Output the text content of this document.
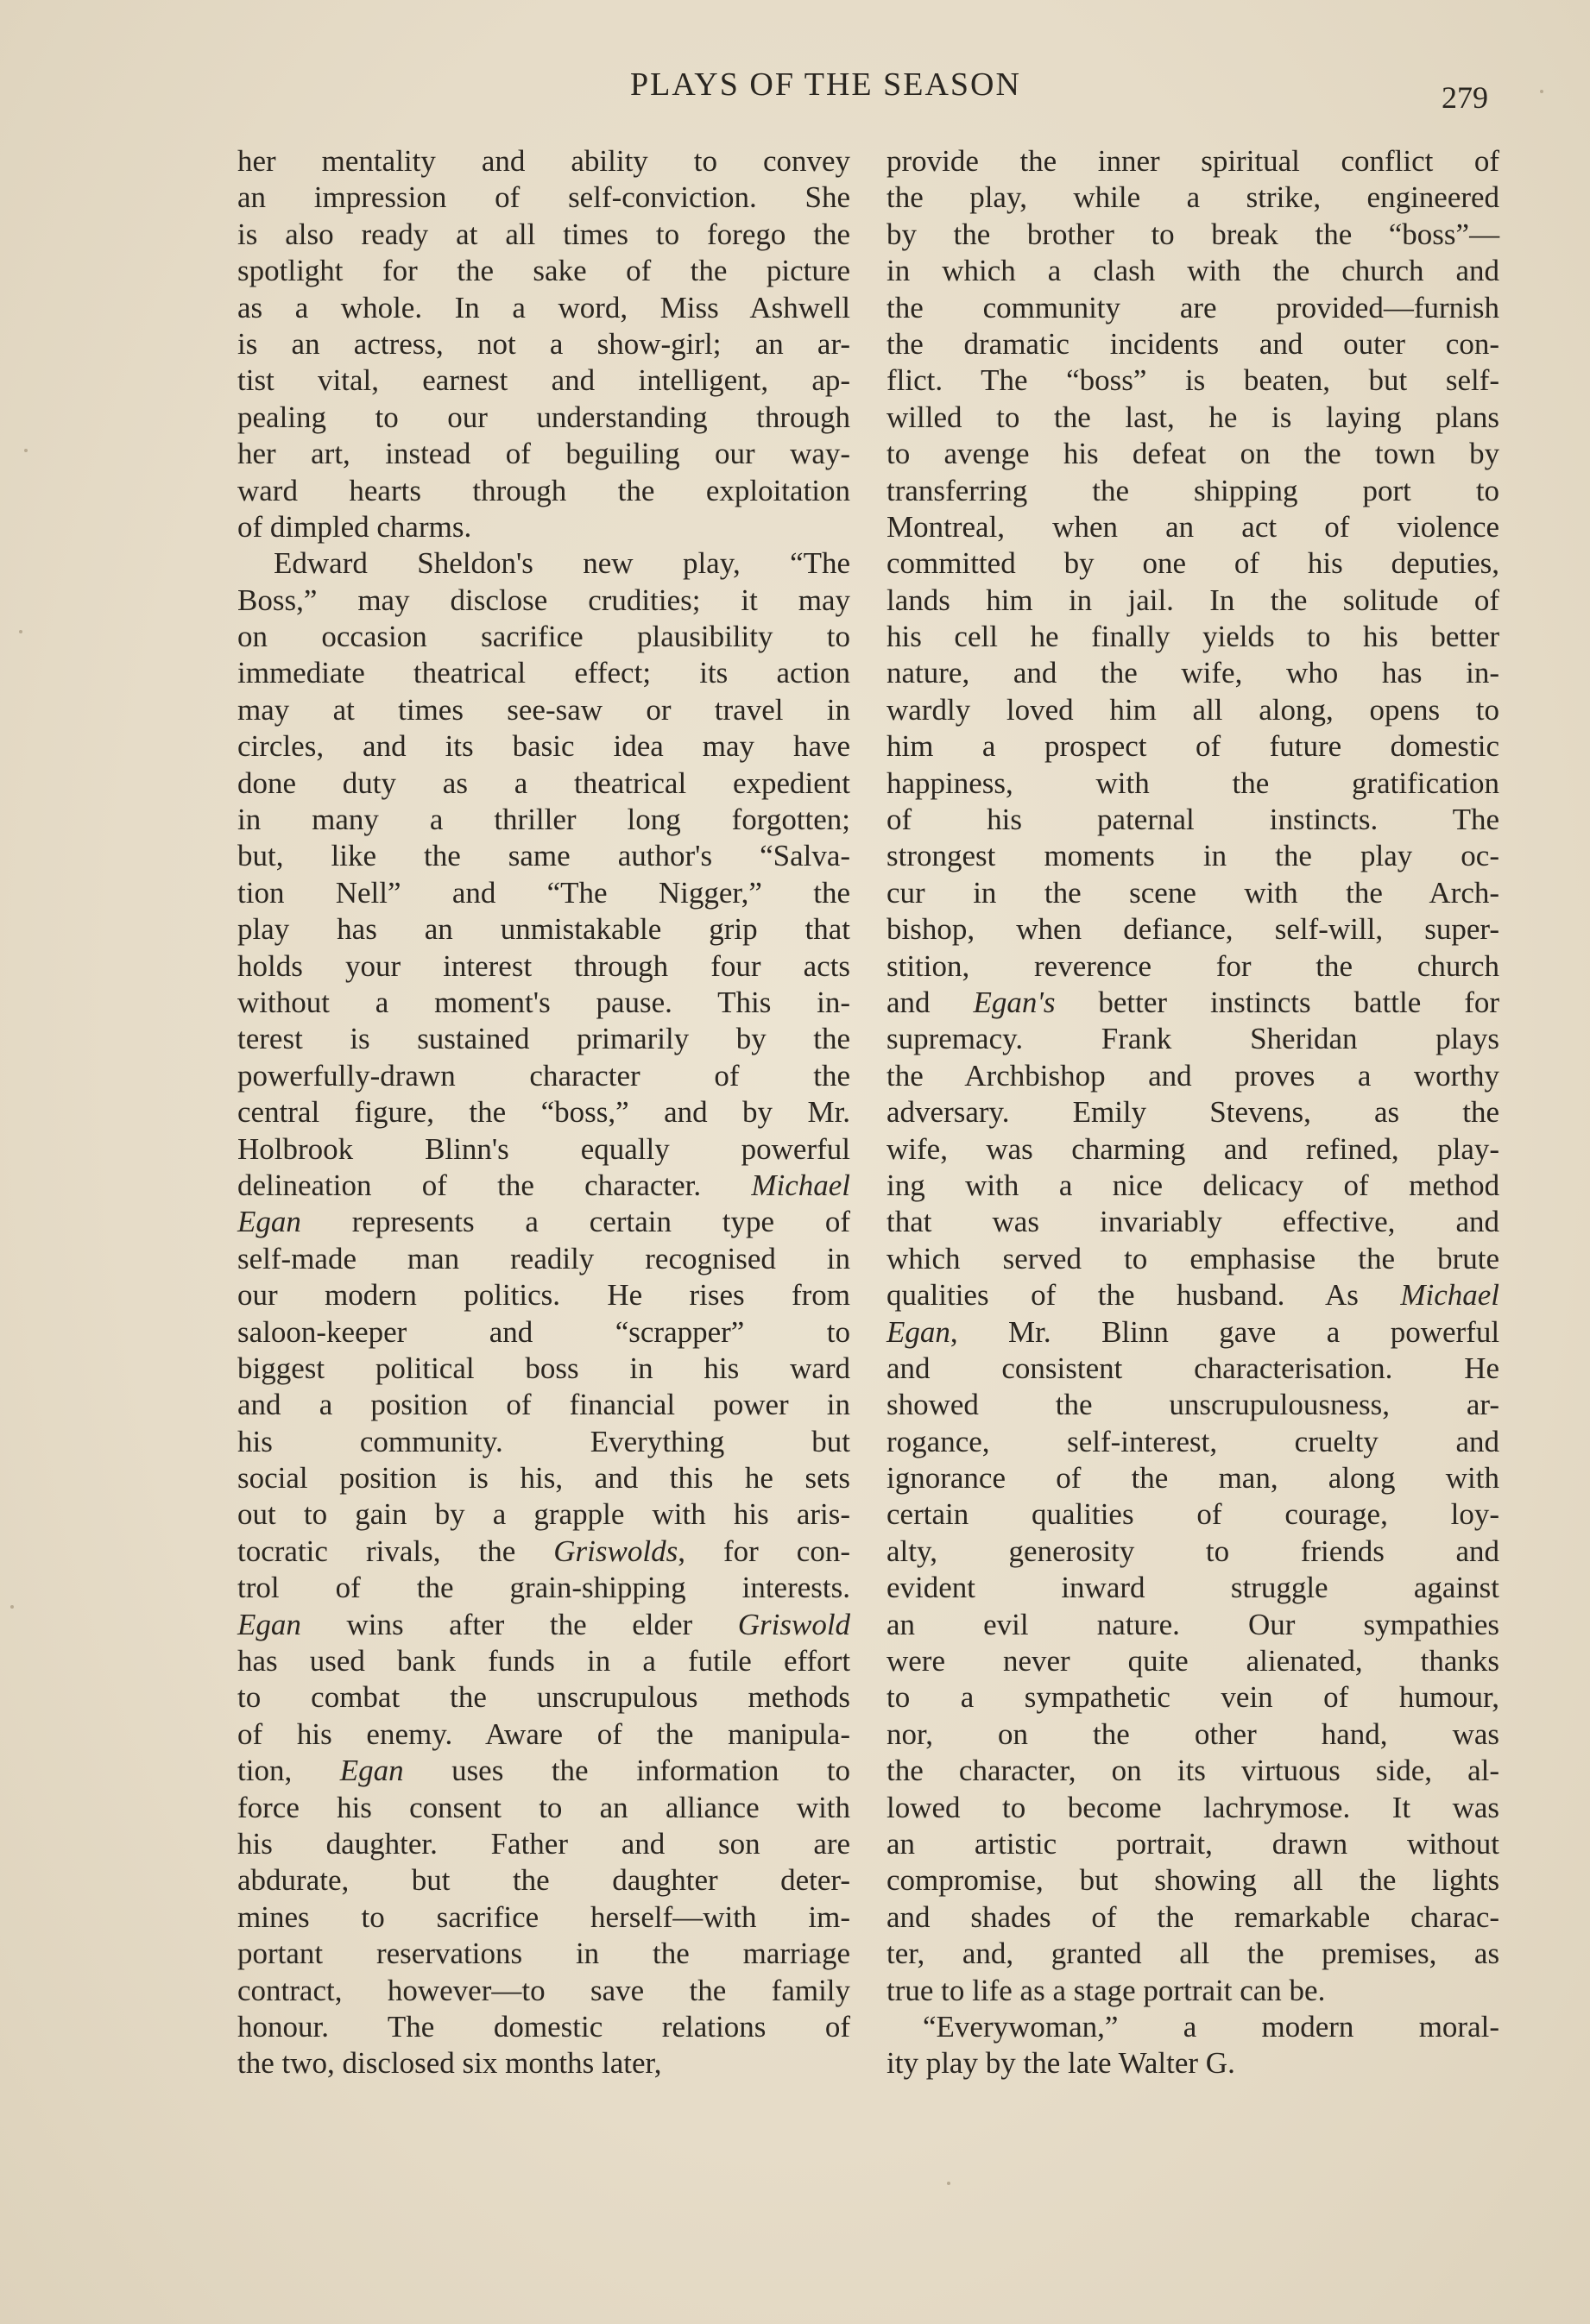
PLAYS OF THE SEASON	279
her mentality and ability to convey
an impression of self-conviction. She
is also ready at all times to forego the
spotlight for the sake of the picture
as a whole. In a word, Miss Ashwell
is an actress, not a show-girl; an ar-
tist vital, earnest and intelligent, ap-
pealing to our understanding through
her art, instead of beguiling our way-
ward hearts through the exploitation
of dimpled charms.
Edward Sheldon's new play, “The
Boss,” may disclose crudities; it may
on occasion sacrifice plausibility to
immediate theatrical effect; its action
may at times see-saw or travel in
circles, and its basic idea may have
done duty as a theatrical expedient
in many a thriller long forgotten;
but, like the same author's “Salva-
tion Nell” and “The Nigger,” the
play has an unmistakable grip that
holds your interest through four acts
without a moment's pause. This in-
terest is sustained primarily by the
powerfully-drawn character of the
central figure, the “boss,” and by Mr.
Holbrook Blinn's equally powerful
delineation of the character. Michael
Egan represents a certain type of
self-made man readily recognised in
our modern politics. He rises from
saloon-keeper	and	“scrapper”	to
biggest political boss in his ward
and a position of financial power in
his	community.	Everything	but
social position is his, and this he sets
out to gain by a grapple with his aris-
tocratic rivals, the Griswolds, for con-
trol of the grain-shipping interests.
Egan wins after the elder Griswold
has used bank funds in a futile effort
to combat the unscrupulous methods
of his enemy. Aware of the manipula-
tion, Egan uses the information to
force his consent to an alliance with
his daughter. Father and son are
abdurate, but the daughter deter-
mines to sacrifice herself—with im-
portant reservations in the marriage
contract, however—to save the family
honour. The domestic relations of
the two, disclosed six months later,
provide the inner spiritual conflict of
the play, while a strike, engineered
by the brother to break the “boss”—
in which a clash with the church and
the community are provided—furnish
the dramatic incidents and outer con-
flict. The “boss” is beaten, but self-
willed to the last, he is laying plans
to avenge his defeat on the town by
transferring the shipping port to
Montreal, when an act of violence
committed by one of his deputies,
lands him in jail. In the solitude of
his cell he finally yields to his better
nature, and the wife, who has in-
wardly loved him all along, opens to
him a prospect of future domestic
happiness,	with	the	gratification
of his paternal instincts. The
strongest moments in the play oc-
cur in the scene with the Arch-
bishop, when defiance, self-will, super-
stition, reverence for the church
and Egan's better instincts battle for
supremacy.	Frank	Sheridan	plays
the Archbishop and proves a worthy
adversary. Emily Stevens, as the
wife, was charming and refined, play-
ing with a nice delicacy of method
that was invariably effective, and
which served to emphasise the brute
qualities of the husband. As Michael
Egan, Mr. Blinn gave a powerful
and consistent characterisation. He
showed	the	unscrupulousness,	ar-
rogance,	self-interest,	cruelty	and
ignorance of the man, along with
certain qualities of courage, loy-
alty, generosity to friends and
evident	inward	struggle	against
an evil nature. Our sympathies
were never quite alienated, thanks
to a sympathetic vein of humour,
nor, on the other hand, was
the character, on its virtuous side, al-
lowed to become lachrymose. It was
an artistic portrait, drawn without
compromise, but showing all the lights
and shades of the remarkable charac-
ter, and, granted all the premises, as
true to life as a stage portrait can be.
“Everywoman,” a modern moral-
ity play by the late Walter G.
